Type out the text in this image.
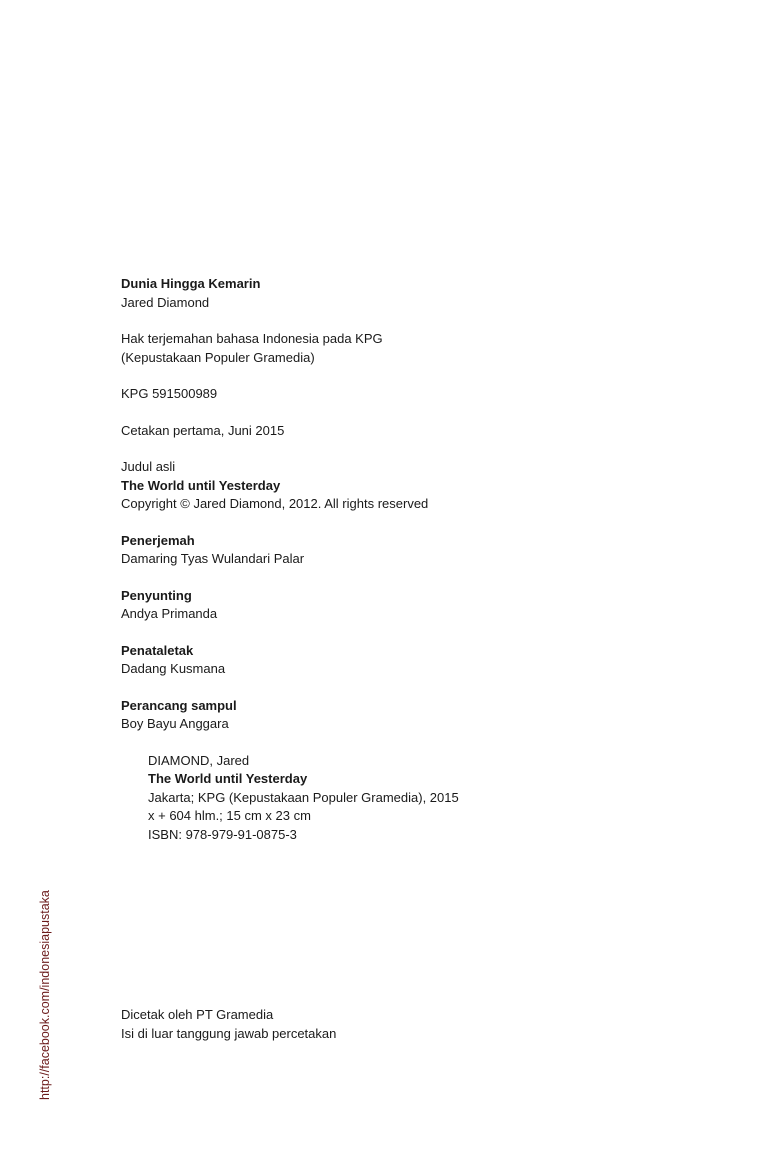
Dunia Hingga Kemarin

Jared Diamond

Hak terjemahan bahasa Indonesia pada KPG

(Kepustakaan Populer Gramedia)

KPG 591500989

Cetakan pertama, Juni 2015

Judul asli

The World until Yesterday

Copyright © Jared Diamond, 2012. All rights reserved

Penerjemah

Damaring Tyas Wulandari Palar

Penyunting

Andya Primanda

Penataletak

Dadang Kusmana

Perancang sampul

Boy Bayu Anggara

DIAMOND, Jared

The World until Yesterday

Jakarta; KPG (Kepustakaan Populer Gramedia), 2015

x + 604 hlm.; 15 cm x 23 cm

ISBN: 978-979-91-0875-3

Dicetak oleh PT Gramedia

Isi di luar tanggung jawab percetakan

http://facebook.com/indonesiapustaka
